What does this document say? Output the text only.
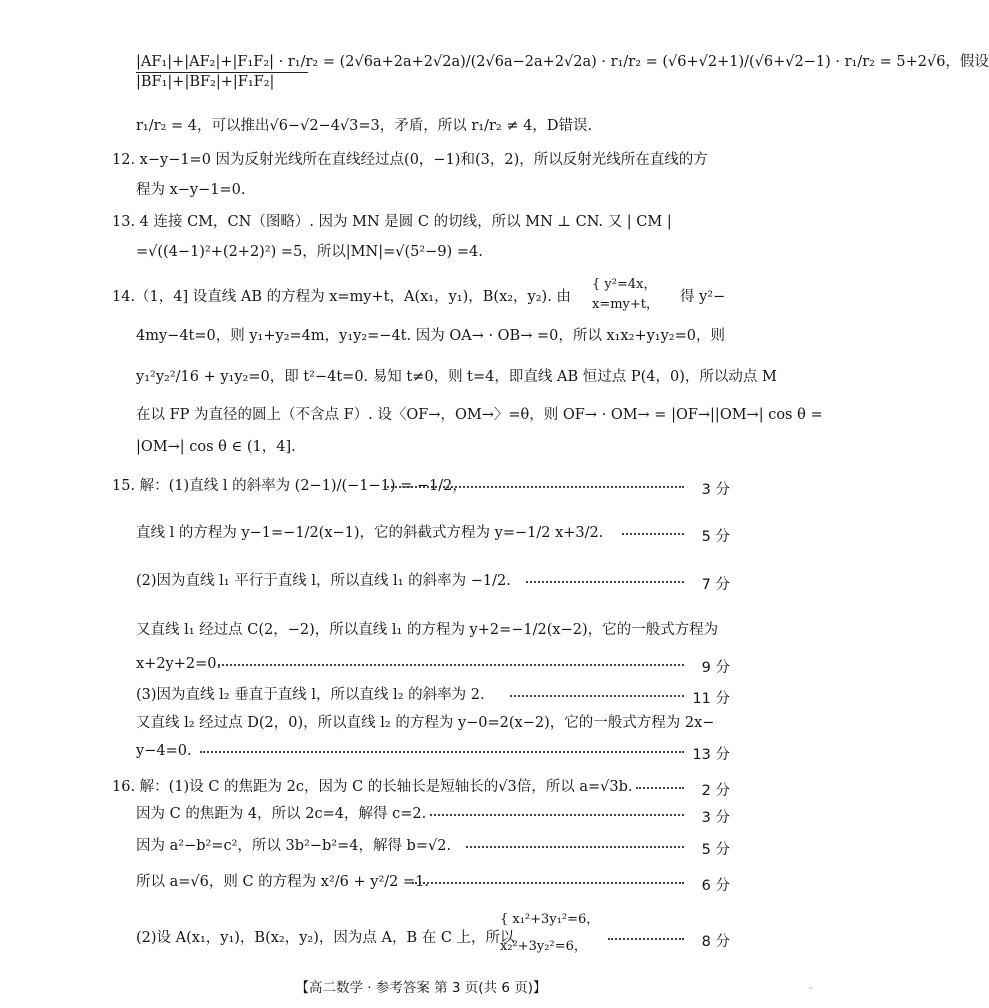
|AF₁|+|AF₂|+|F₁F₂| · r₁/r₂ = (2√6a+2a+2√2a)/(2√6a−2a+2√2a) · r₁/r₂ = (√6+√2+1)/(√6+√2−1) · r₁/r₂ = 5+2√6，假设
|BF₁|+|BF₂|+|F₁F₂|
r₁/r₂ = 4，可以推出√6−√2−4√3=3，矛盾，所以 r₁/r₂ ≠ 4，D错误.
12. x−y−1=0 因为反射光线所在直线经过点(0，−1)和(3，2)，所以反射光线所在直线的方
程为 x−y−1=0.
13. 4 连接 CM，CN（图略）. 因为 MN 是圆 C 的切线，所以 MN ⊥ CN. 又 | CM |
=√((4−1)²+(2+2)²) =5，所以|MN|=√(5²−9) =4.
14.（1，4] 设直线 AB 的方程为 x=my+t，A(x₁，y₁)，B(x₂，y₂). 由
{ y²=4x，
x=my+t， 得 y²−
4my−4t=0，则 y₁+y₂=4m，y₁y₂=−4t. 因为 OA→ · OB→ =0，所以 x₁x₂+y₁y₂=0，则
y₁²y₂²/16 + y₁y₂=0，即 t²−4t=0. 易知 t≠0，则 t=4，即直线 AB 恒过点 P(4，0)，所以动点 M
在以 FP 为直径的圆上（不含点 F）. 设〈OF→，OM→〉=θ，则 OF→ · OM→ = |OF→||OM→| cos θ =
|OM→| cos θ ∈ (1，4].
15. 解：(1)直线 l 的斜率为 (2−1)/(−1−1) = −1/2，	3 分
直线 l 的方程为 y−1=−1/2(x−1)，它的斜截式方程为 y=−1/2 x+3/2.	5 分
(2)因为直线 l₁ 平行于直线 l，所以直线 l₁ 的斜率为 −1/2.	7 分
又直线 l₁ 经过点 C(2，−2)，所以直线 l₁ 的方程为 y+2=−1/2(x−2)，它的一般式方程为
x+2y+2=0.	9 分
(3)因为直线 l₂ 垂直于直线 l，所以直线 l₂ 的斜率为 2.	11 分
又直线 l₂ 经过点 D(2，0)，所以直线 l₂ 的方程为 y−0=2(x−2)，它的一般式方程为 2x−
y−4=0.	13 分
16. 解：(1)设 C 的焦距为 2c，因为 C 的长轴长是短轴长的√3倍，所以 a=√3b.	2 分
因为 C 的焦距为 4，所以 2c=4，解得 c=2.	3 分
因为 a²−b²=c²，所以 3b²−b²=4，解得 b=√2.	5 分
所以 a=√6，则 C 的方程为 x²/6 + y²/2 =1.	6 分
(2)设 A(x₁，y₁)，B(x₂，y₂)，因为点 A，B 在 C 上，所以
{ x₁²+3y₁²=6，
x₂²+3y₂²=6，	8 分
【高二数学 · 参考答案 第 3 页(共 6 页)】	··
